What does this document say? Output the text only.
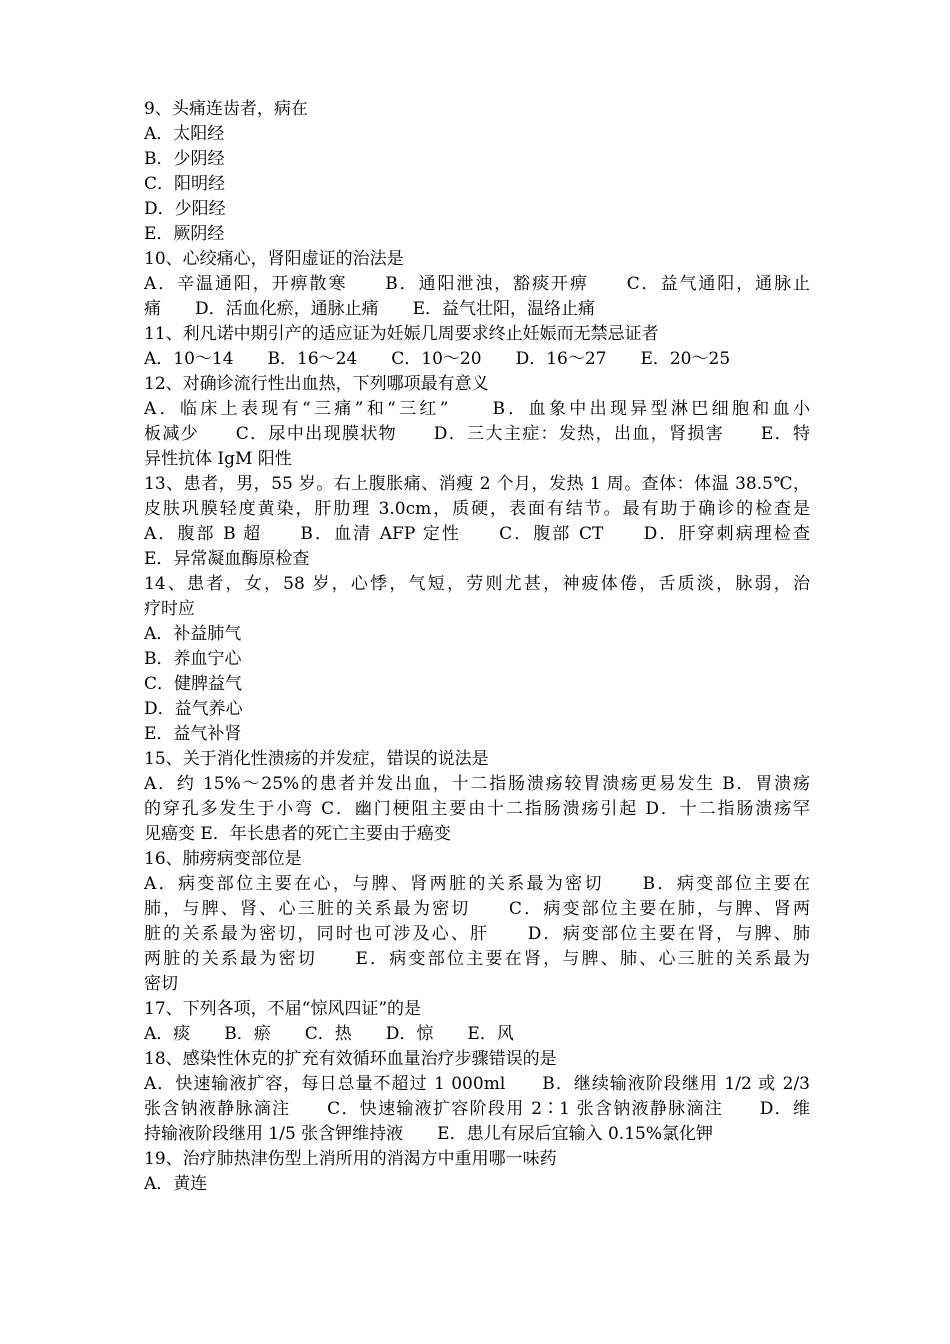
9、头痛连齿者，病在
A．太阳经
B．少阴经
C．阳明经
D．少阳经
E．厥阴经
10、心绞痛心，肾阳虚证的治法是
A．辛温通阳，开痹散寒　　B．通阳泄浊，豁痰开痹　　C．益气通阳，通脉止
痛　　D．活血化瘀，通脉止痛　　E．益气壮阳，温络止痛
11、利凡诺中期引产的适应证为妊娠几周要求终止妊娠而无禁忌证者
A．10～14　　B．16～24　　C．10～20　　D．16～27　　E．20～25
12、对确诊流行性出血热，下列哪项最有意义
A．临床上表现有“三痛”和“三红”　　B．血象中出现异型淋巴细胞和血小
板减少　　C．尿中出现膜状物　　D．三大主症：发热，出血，肾损害　　E．特
异性抗体 IgM 阳性
13、患者，男，55 岁。右上腹胀痛、消瘦 2 个月，发热 1 周。查体：体温 38.5℃，
皮肤巩膜轻度黄染，肝肋理 3.0cm，质硬，表面有结节。最有助于确诊的检查是
A．腹部 B 超　　B．血清 AFP 定性　　C．腹部 CT　　D．肝穿刺病理检查
E．异常凝血酶原检查
14、患者，女，58 岁，心悸，气短，劳则尤甚，神疲体倦，舌质淡，脉弱，治
疗时应
A．补益肺气
B．养血宁心
C．健脾益气
D．益气养心
E．益气补肾
15、关于消化性溃疡的并发症，错误的说法是
A．约 15%～25%的患者并发出血，十二指肠溃疡较胃溃疡更易发生 B．胃溃疡
的穿孔多发生于小弯 C．幽门梗阻主要由十二指肠溃疡引起 D．十二指肠溃疡罕
见癌变 E．年长患者的死亡主要由于癌变
16、肺痨病变部位是
A．病变部位主要在心，与脾、肾两脏的关系最为密切　　B．病变部位主要在
肺，与脾、肾、心三脏的关系最为密切　　C．病变部位主要在肺，与脾、肾两
脏的关系最为密切，同时也可涉及心、肝　　D．病变部位主要在肾，与脾、肺
两脏的关系最为密切　　E．病变部位主要在肾，与脾、肺、心三脏的关系最为
密切
17、下列各项，不届“惊风四证”的是
A．痰　　B．瘀　　C．热　　D．惊　　E．风
18、感染性休克的扩充有效循环血量治疗步骤错误的是
A．快速输液扩容，每日总量不超过 1 000ml　　B．继续输液阶段继用 1/2 或 2/3
张含钠液静脉滴注　　C．快速输液扩容阶段用 2∶1 张含钠液静脉滴注　　D．维
持输液阶段继用 1/5 张含钾维持液　　E．患儿有尿后宜输入 0.15%氯化钾
19、治疗肺热津伤型上消所用的消渴方中重用哪一味药
A．黄连
